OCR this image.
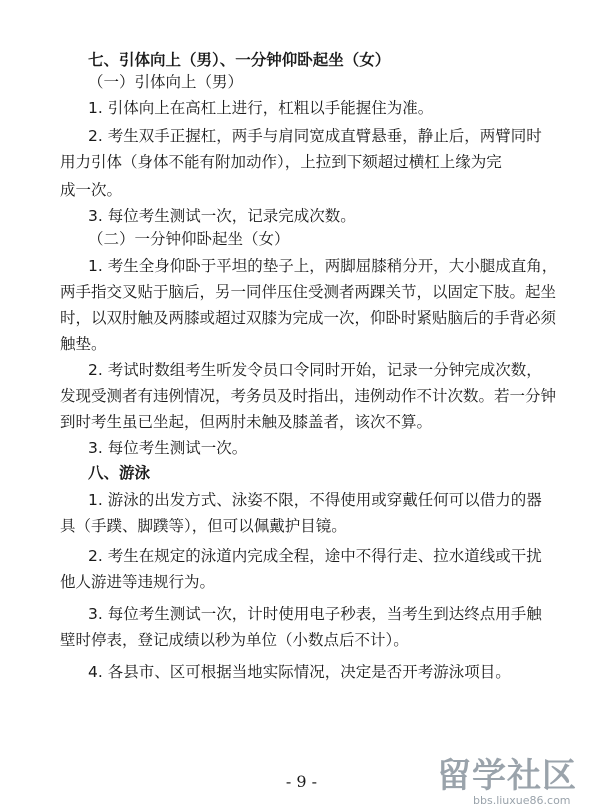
七、引体向上（男）、一分钟仰卧起坐（女）
（一）引体向上（男）
1. 引体向上在高杠上进行，杠粗以手能握住为准。
2. 考生双手正握杠，两手与肩同宽成直臂悬垂，静止后，两臂同时
用力引体（身体不能有附加动作），上拉到下颏超过横杠上缘为完
成一次。
3. 每位考生测试一次，记录完成次数。
（二）一分钟仰卧起坐（女）
1. 考生全身仰卧于平坦的垫子上，两脚屈膝稍分开，大小腿成直角，
两手指交叉贴于脑后，另一同伴压住受测者两踝关节，以固定下肢。起坐
时，以双肘触及两膝或超过双膝为完成一次，仰卧时紧贴脑后的手背必须
触垫。
2. 考试时数组考生听发令员口令同时开始，记录一分钟完成次数，
发现受测者有违例情况，考务员及时指出，违例动作不计次数。若一分钟
到时考生虽已坐起，但两肘未触及膝盖者，该次不算。
3. 每位考生测试一次。
八、游泳
1. 游泳的出发方式、泳姿不限，不得使用或穿戴任何可以借力的器
具（手蹼、脚蹼等），但可以佩戴护目镜。
2. 考生在规定的泳道内完成全程，途中不得行走、拉水道线或干扰
他人游进等违规行为。
3. 每位考生测试一次，计时使用电子秒表，当考生到达终点用手触
壁时停表，登记成绩以秒为单位（小数点后不计）。
4. 各县市、区可根据当地实际情况，决定是否开考游泳项目。
- 9 -	留学社区
bbs.liuxue86.com
